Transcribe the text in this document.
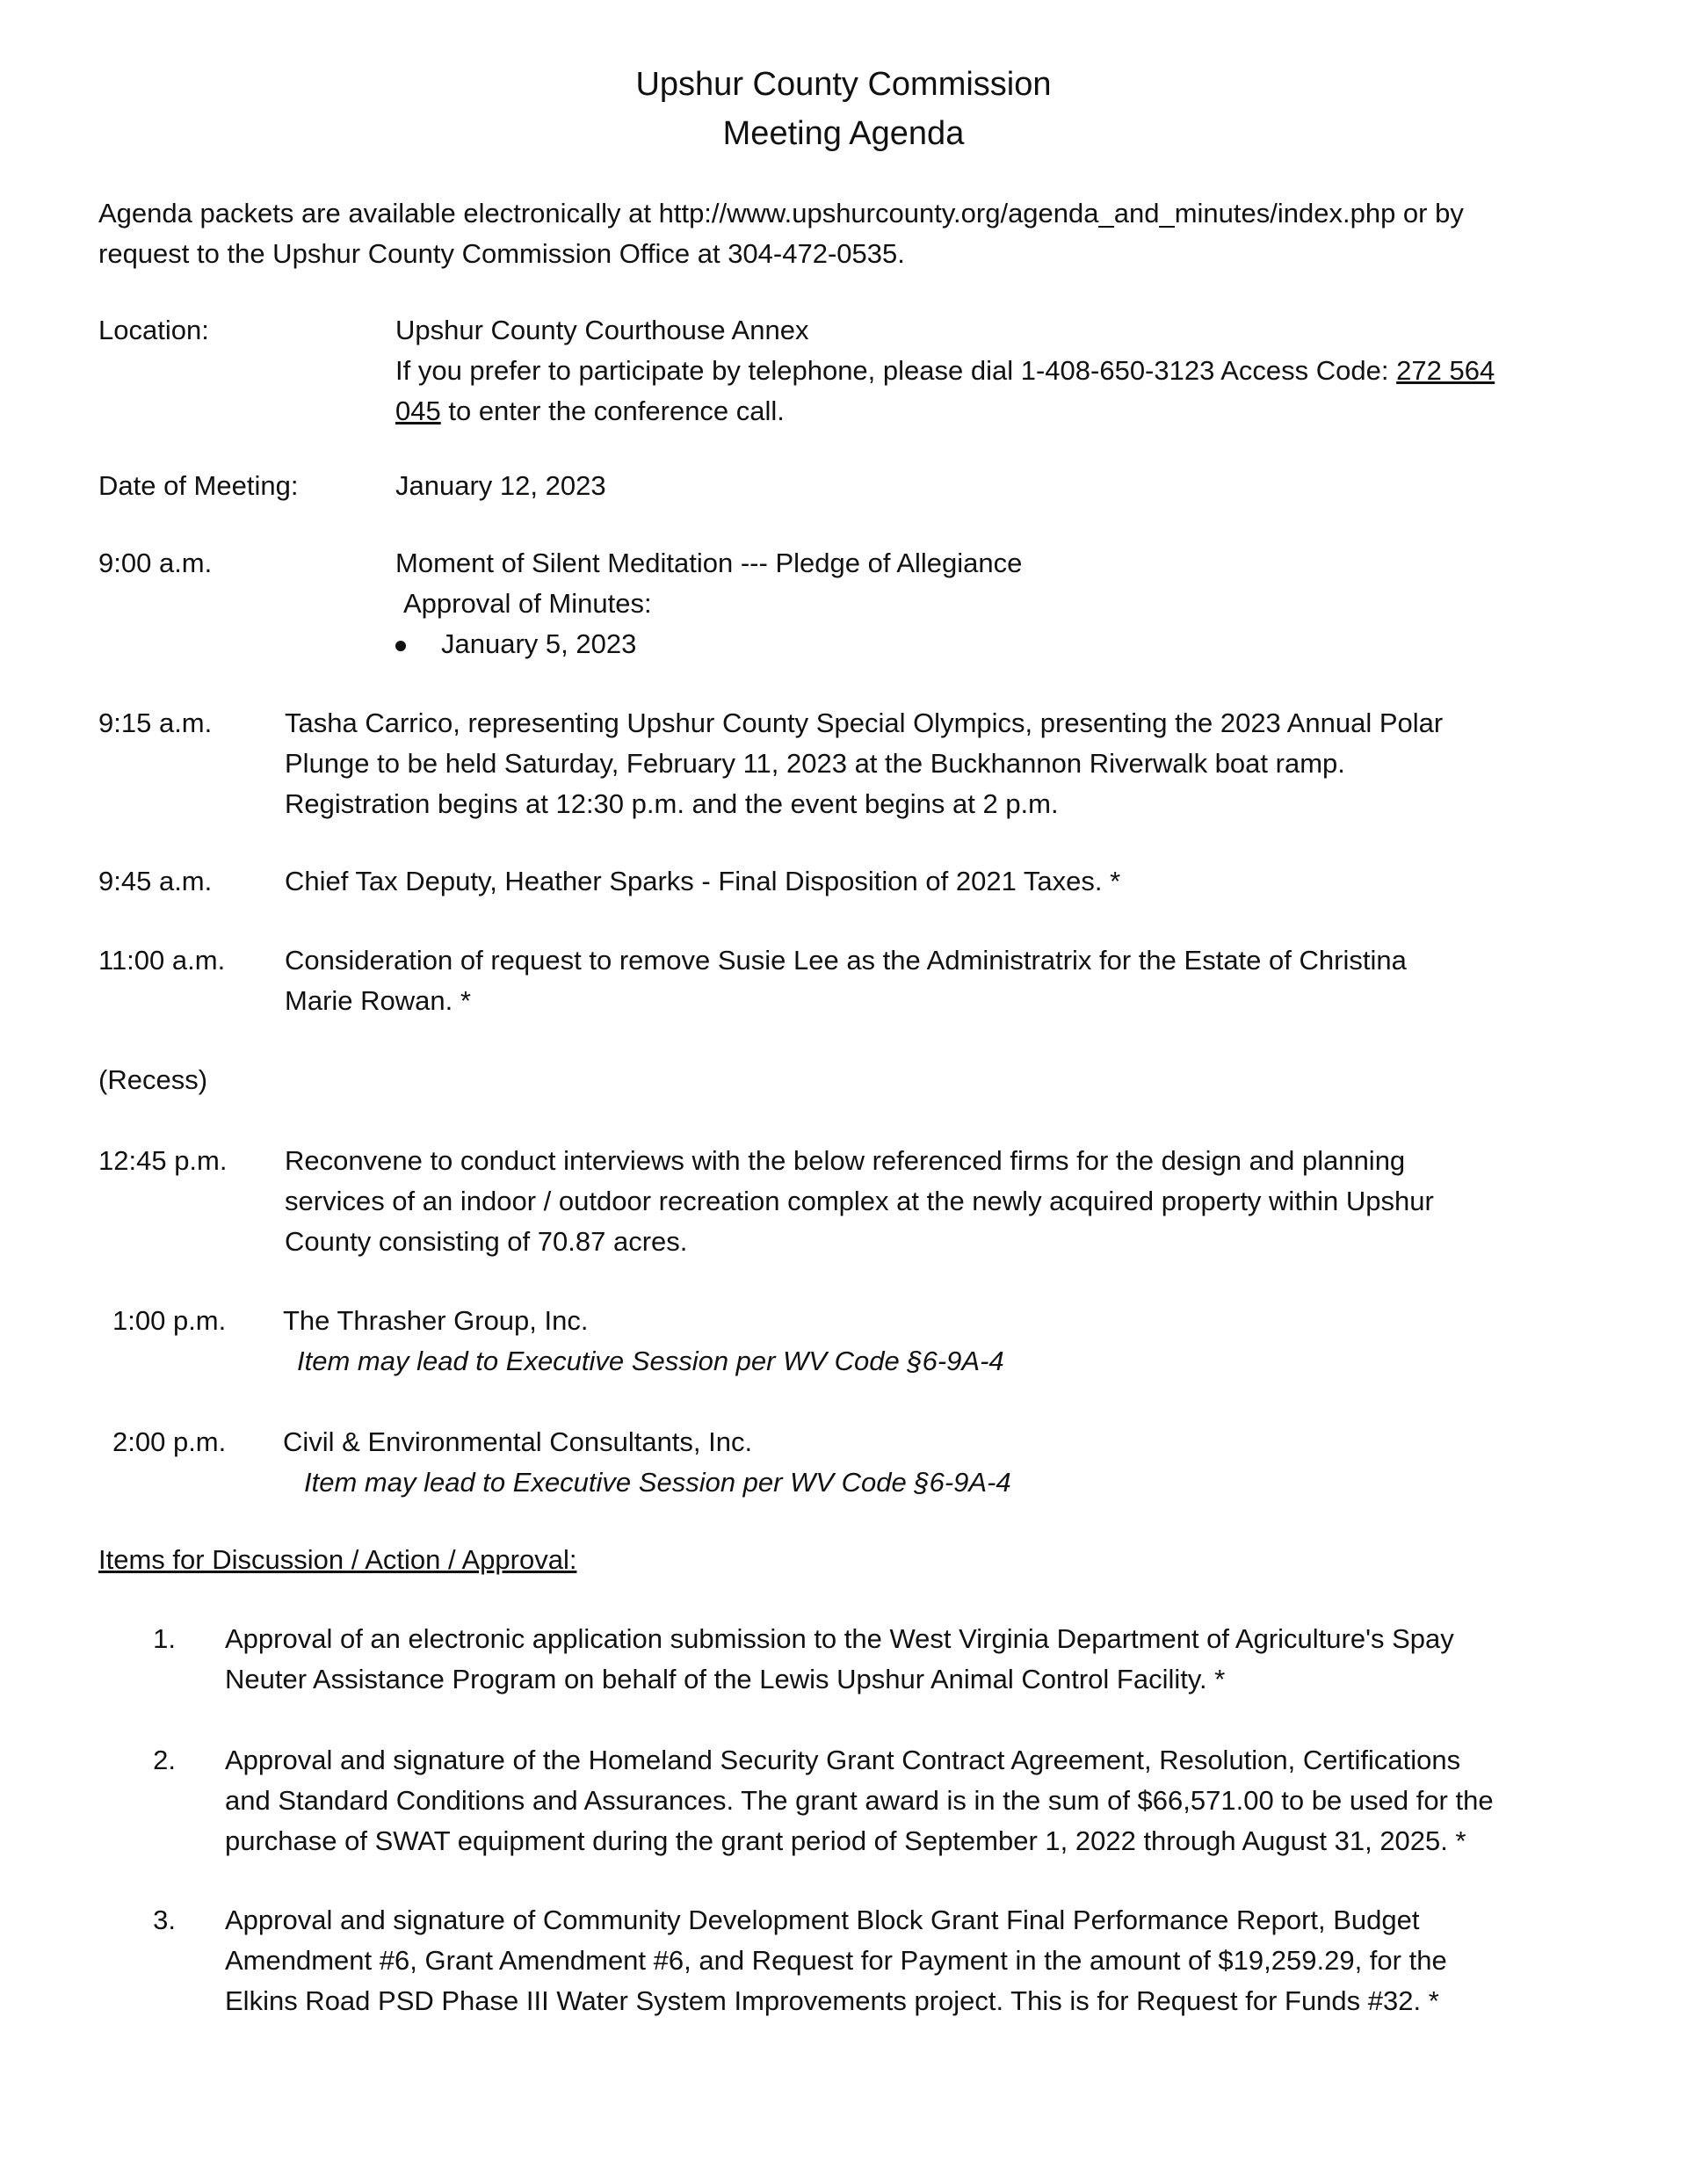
Upshur County Commission
Meeting Agenda
Agenda packets are available electronically at http://www.upshurcounty.org/agenda_and_minutes/index.php or by
request to the Upshur County Commission Office at 304-472-0535.
Location:	Upshur County Courthouse Annex
If you prefer to participate by telephone, please dial 1-408-650-3123 Access Code: 272 564
045 to enter the conference call.
Date of Meeting:	January 12, 2023
9:00 a.m.	Moment of Silent Meditation --- Pledge of Allegiance
Approval of Minutes:
January 5, 2023
9:15 a.m.	Tasha Carrico, representing Upshur County Special Olympics, presenting the 2023 Annual Polar
Plunge to be held Saturday, February 11, 2023 at the Buckhannon Riverwalk boat ramp.
Registration begins at 12:30 p.m. and the event begins at 2 p.m.
9:45 a.m.	Chief Tax Deputy, Heather Sparks - Final Disposition of 2021 Taxes. *
11:00 a.m. Consideration of request to remove Susie Lee as the Administratrix for the Estate of Christina
Marie Rowan. *
(Recess)
12:45 p.m. Reconvene to conduct interviews with the below referenced firms for the design and planning
services of an indoor / outdoor recreation complex at the newly acquired property within Upshur
County consisting of 70.87 acres.
1:00 p.m. The Thrasher Group, Inc.
Item may lead to Executive Session per WV Code §6-9A-4
2:00 p.m. Civil & Environmental Consultants, Inc.
Item may lead to Executive Session per WV Code §6-9A-4
Items for Discussion / Action / Approval:
1. Approval of an electronic application submission to the West Virginia Department of Agriculture's Spay
Neuter Assistance Program on behalf of the Lewis Upshur Animal Control Facility. *
2. Approval and signature of the Homeland Security Grant Contract Agreement, Resolution, Certifications
and Standard Conditions and Assurances. The grant award is in the sum of $66,571.00 to be used for the
purchase of SWAT equipment during the grant period of September 1, 2022 through August 31, 2025. *
3. Approval and signature of Community Development Block Grant Final Performance Report, Budget
Amendment #6, Grant Amendment #6, and Request for Payment in the amount of $19,259.29, for the
Elkins Road PSD Phase III Water System Improvements project. This is for Request for Funds #32. *
